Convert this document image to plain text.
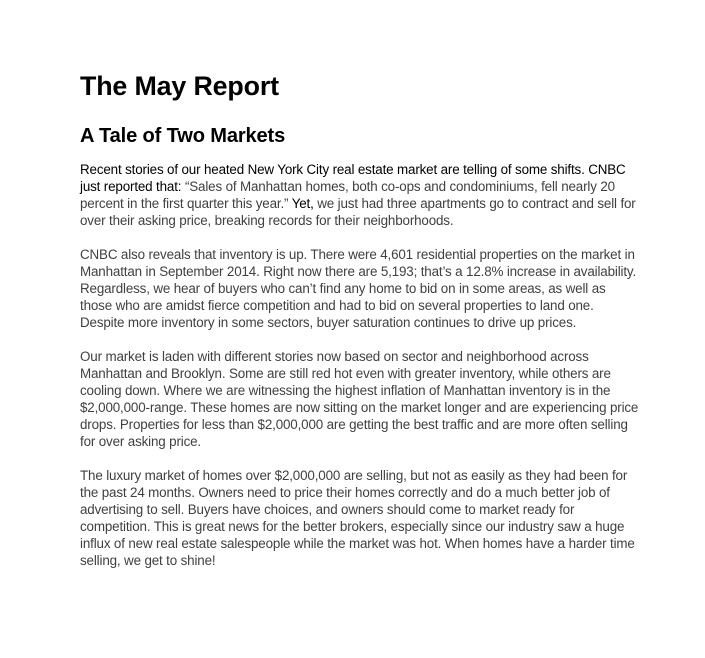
The May Report
A Tale of Two Markets

Recent stories of our heated New York City real estate market are telling of some shifts. CNBC just reported that: “Sales of Manhattan homes, both co-ops and condominiums, fell nearly 20 percent in the first quarter this year.” Yet, we just had three apartments go to contract and sell for over their asking price, breaking records for their neighborhoods.

CNBC also reveals that inventory is up. There were 4,601 residential properties on the market in Manhattan in September 2014. Right now there are 5,193; that’s a 12.8% increase in availability. Regardless, we hear of buyers who can’t find any home to bid on in some areas, as well as those who are amidst fierce competition and had to bid on several properties to land one. Despite more inventory in some sectors, buyer saturation continues to drive up prices.

Our market is laden with different stories now based on sector and neighborhood across Manhattan and Brooklyn. Some are still red hot even with greater inventory, while others are cooling down. Where we are witnessing the highest inflation of Manhattan inventory is in the $2,000,000-range. These homes are now sitting on the market longer and are experiencing price drops. Properties for less than $2,000,000 are getting the best traffic and are more often selling for over asking price.

The luxury market of homes over $2,000,000 are selling, but not as easily as they had been for the past 24 months. Owners need to price their homes correctly and do a much better job of advertising to sell. Buyers have choices, and owners should come to market ready for competition. This is great news for the better brokers, especially since our industry saw a huge influx of new real estate salespeople while the market was hot. When homes have a harder time selling, we get to shine!
